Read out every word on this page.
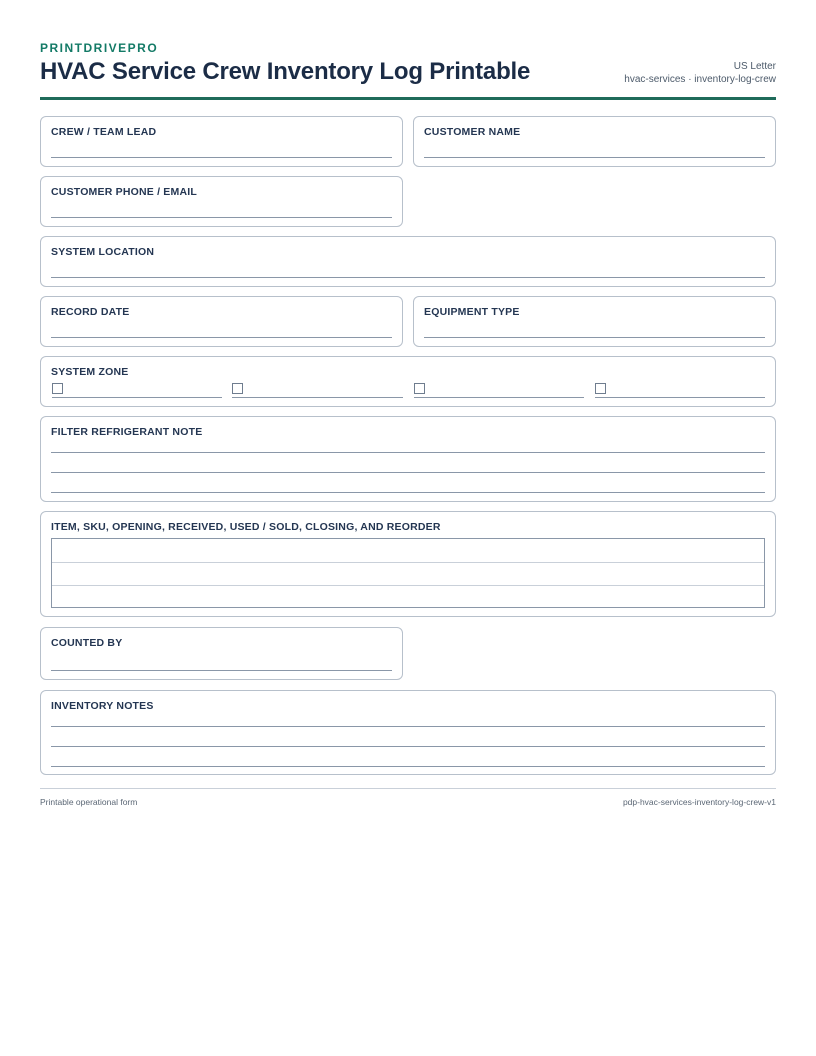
PRINTDRIVEPRO
HVAC Service Crew Inventory Log Printable	US Letter
hvac-services · inventory-log-crew
CREW / TEAM LEAD	CUSTOMER NAME
CUSTOMER PHONE / EMAIL
SYSTEM LOCATION
RECORD DATE	EQUIPMENT TYPE
SYSTEM ZONE
FILTER REFRIGERANT NOTE
ITEM, SKU, OPENING, RECEIVED, USED / SOLD, CLOSING, AND REORDER
COUNTED BY
INVENTORY NOTES
Printable operational form	pdp-hvac-services-inventory-log-crew-v1
